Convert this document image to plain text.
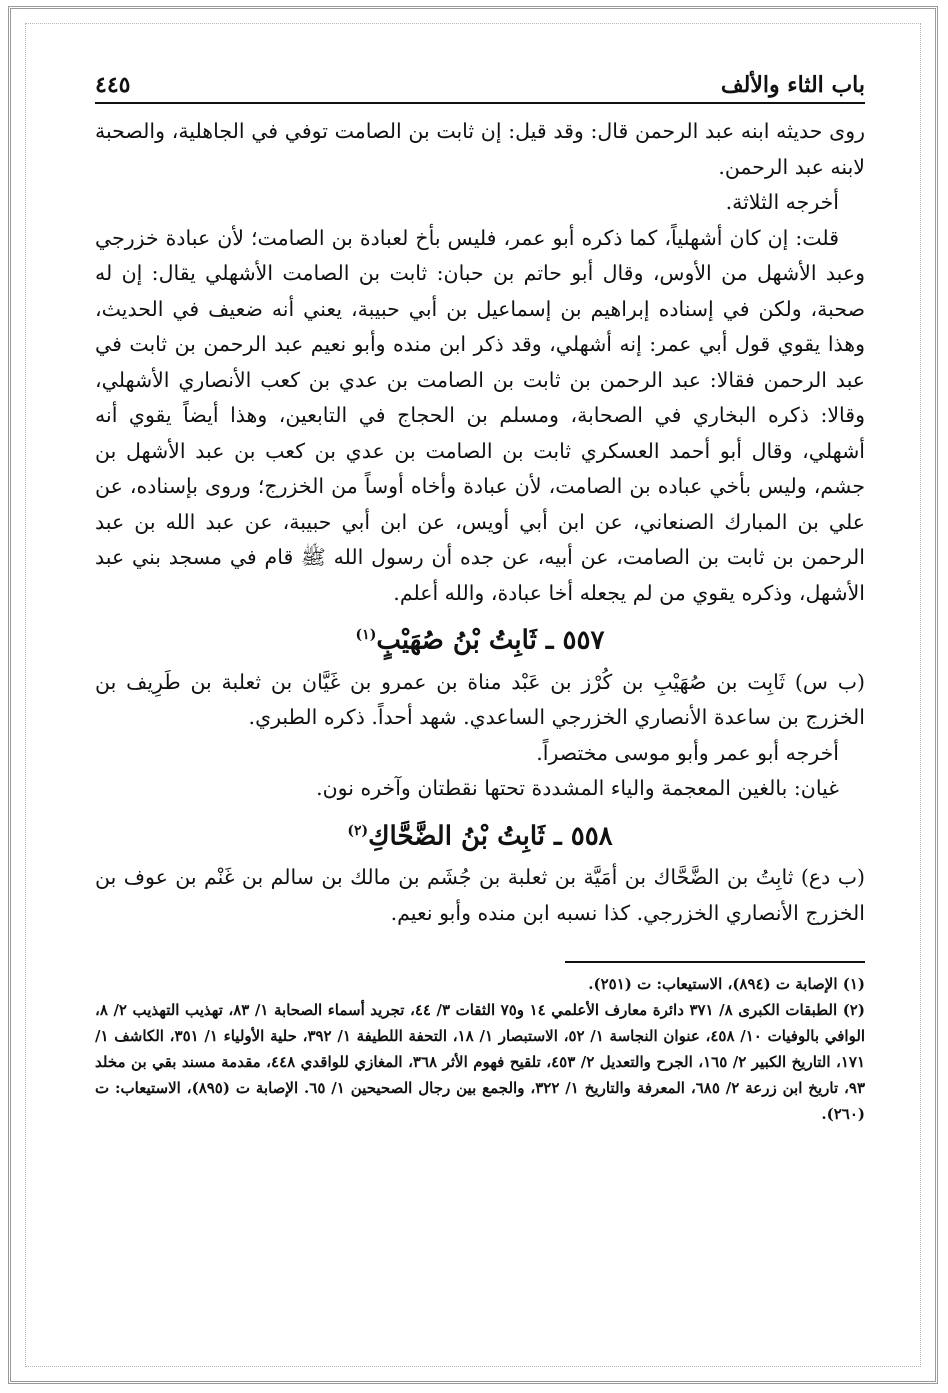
باب الثاء والألف
٤٤٥

روى حديثه ابنه عبد الرحمن قال: وقد قيل: إن ثابت بن الصامت توفي في الجاهلية، والصحبة لابنه عبد الرحمن.

أخرجه الثلاثة.

قلت: إن كان أشهلياً، كما ذكره أبو عمر، فليس بأخ لعبادة بن الصامت؛ لأن عبادة خزرجي وعبد الأشهل من الأوس، وقال أبو حاتم بن حبان: ثابت بن الصامت الأشهلي يقال: إن له صحبة، ولكن في إسناده إبراهيم بن إسماعيل بن أبي حبيبة، يعني أنه ضعيف في الحديث، وهذا يقوي قول أبي عمر: إنه أشهلي، وقد ذكر ابن منده وأبو نعيم عبد الرحمن بن ثابت في عبد الرحمن فقالا: عبد الرحمن بن ثابت بن الصامت بن عدي بن كعب الأنصاري الأشهلي، وقالا: ذكره البخاري في الصحابة، ومسلم بن الحجاج في التابعين، وهذا أيضاً يقوي أنه أشهلي، وقال أبو أحمد العسكري ثابت بن الصامت بن عدي بن كعب بن عبد الأشهل بن جشم، وليس بأخي عباده بن الصامت، لأن عبادة وأخاه أوساً من الخزرج؛ وروى بإسناده، عن علي بن المبارك الصنعاني، عن ابن أبي أويس، عن ابن أبي حبيبة، عن عبد الله بن عبد الرحمن بن ثابت بن الصامت، عن أبيه، عن جده أن رسول الله ﷺ قام في مسجد بني عبد الأشهل، وذكره يقوي من لم يجعله أخا عبادة، والله أعلم.

٥٥٧ ـ ثَابِتُ بْنُ صُهَيْبٍ$^{(١)}$

(ب س) ثَابِت بن صُهَيْبِ بن كُرْز بن عَبْد مناة بن عمرو بن غَيَّان بن ثعلبة بن طَرِيف بن الخزرج بن ساعدة الأنصاري الخزرجي الساعدي. شهد أحداً. ذكره الطبري.

أخرجه أبو عمر وأبو موسى مختصراً.

غيان: بالغين المعجمة والياء المشددة تحتها نقطتان وآخره نون.

٥٥٨ ـ ثَابِتُ بْنُ الضَّحَّاكِ$^{(٢)}$

(ب دع) ثابِتُ بن الضَّحَّاك بن أمَيَّة بن ثعلبة بن جُشَم بن مالك بن سالم بن غَنْم بن عوف بن الخزرج الأنصاري الخزرجي. كذا نسبه ابن منده وأبو نعيم.

(١) الإصابة ت (٨٩٤)، الاستيعاب: ت (٢٥١).

(٢) الطبقات الكبرى ٨/ ٣٧١ دائرة معارف الأعلمي ١٤ و٧٥ الثقات ٣/ ٤٤، تجريد أسماء الصحابة ١/ ٨٣، تهذيب التهذيب ٢/ ٨، الوافي بالوفيات ١٠/ ٤٥٨، عنوان النجاسة ١/ ٥٢، الاستبصار ١/ ١٨، التحفة اللطيفة ١/ ٣٩٢، حلية الأولياء ١/ ٣٥١، الكاشف ١/ ١٧١، التاريخ الكبير ٢/ ١٦٥، الجرح والتعديل ٢/ ٤٥٣، تلقيح فهوم الأثر ٣٦٨، المغازي للواقدي ٤٤٨، مقدمة مسند بقي بن مخلد ٩٣، تاريخ ابن زرعة ٢/ ٦٨٥، المعرفة والتاريخ ١/ ٣٢٢، والجمع بين رجال الصحيحين ١/ ٦٥. الإصابة ت (٨٩٥)، الاستيعاب: ت (٢٦٠).
